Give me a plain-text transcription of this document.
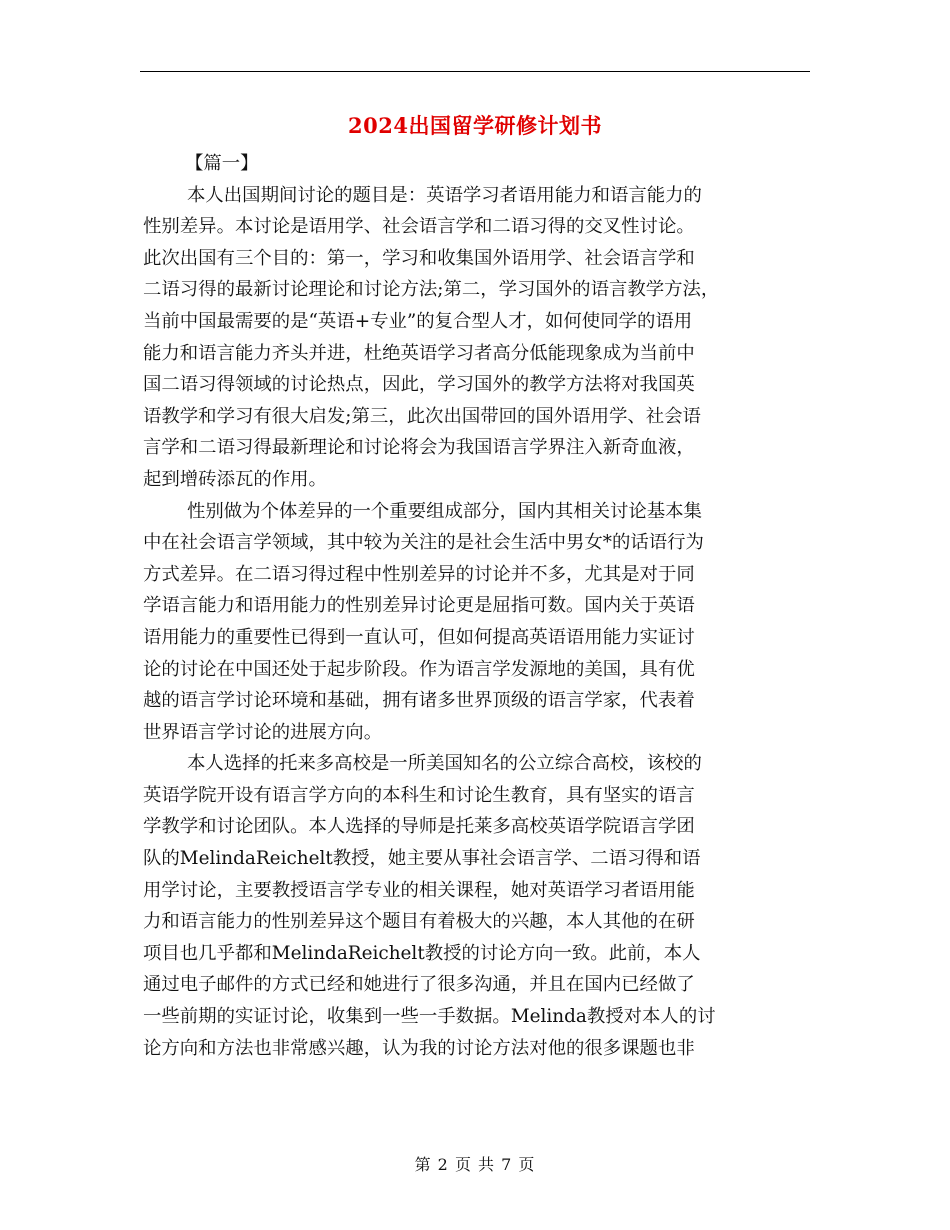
2024出国留学研修计划书
【篇一】
本人出国期间讨论的题目是：英语学习者语用能力和语言能力的
性别差异。本讨论是语用学、社会语言学和二语习得的交叉性讨论。
此次出国有三个目的：第一，学习和收集国外语用学、社会语言学和
二语习得的最新讨论理论和讨论方法;第二，学习国外的语言教学方法，
当前中国最需要的是“英语+专业”的复合型人才，如何使同学的语用
能力和语言能力齐头并进，杜绝英语学习者高分低能现象成为当前中
国二语习得领域的讨论热点，因此，学习国外的教学方法将对我国英
语教学和学习有很大启发;第三，此次出国带回的国外语用学、社会语
言学和二语习得最新理论和讨论将会为我国语言学界注入新奇血液，
起到增砖添瓦的作用。
性别做为个体差异的一个重要组成部分，国内其相关讨论基本集
中在社会语言学领域，其中较为关注的是社会生活中男女*的话语行为
方式差异。在二语习得过程中性别差异的讨论并不多，尤其是对于同
学语言能力和语用能力的性别差异讨论更是屈指可数。国内关于英语
语用能力的重要性已得到一直认可，但如何提高英语语用能力实证讨
论的讨论在中国还处于起步阶段。作为语言学发源地的美国，具有优
越的语言学讨论环境和基础，拥有诸多世界顶级的语言学家，代表着
世界语言学讨论的进展方向。
本人选择的托来多高校是一所美国知名的公立综合高校，该校的
英语学院开设有语言学方向的本科生和讨论生教育，具有坚实的语言
学教学和讨论团队。本人选择的导师是托莱多高校英语学院语言学团
队的MelindaReichelt教授，她主要从事社会语言学、二语习得和语
用学讨论，主要教授语言学专业的相关课程，她对英语学习者语用能
力和语言能力的性别差异这个题目有着极大的兴趣，本人其他的在研
项目也几乎都和MelindaReichelt教授的讨论方向一致。此前，本人
通过电子邮件的方式已经和她进行了很多沟通，并且在国内已经做了
一些前期的实证讨论，收集到一些一手数据。Melinda教授对本人的讨
论方向和方法也非常感兴趣，认为我的讨论方法对他的很多课题也非
第 2 页 共 7 页
